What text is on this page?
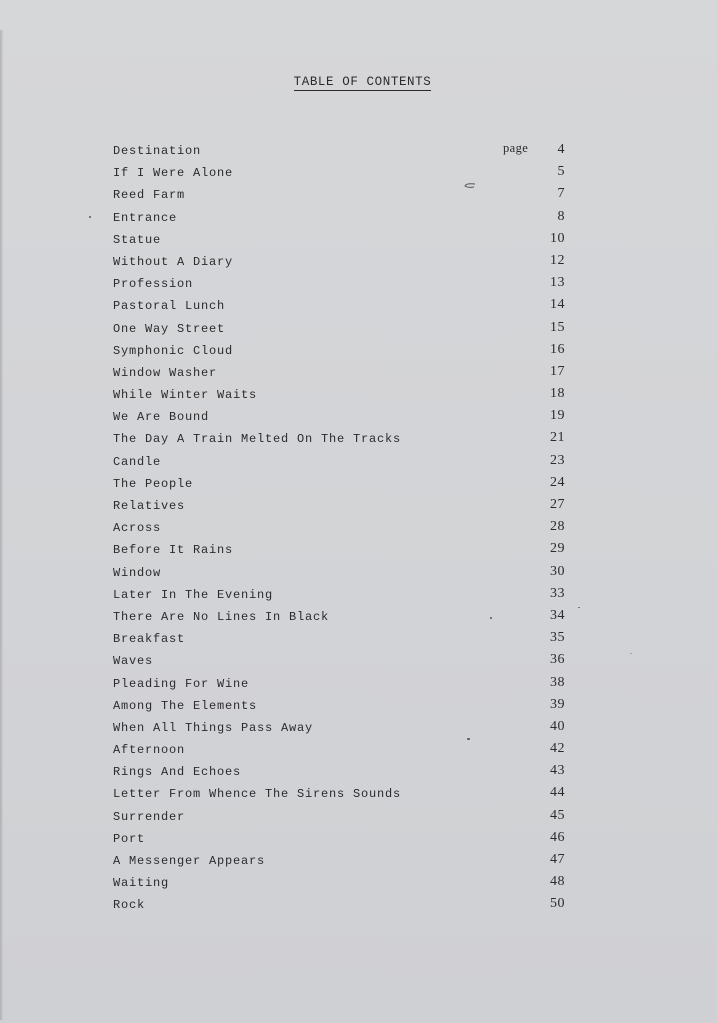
TABLE OF CONTENTS
page
Destination	4
If I Were Alone	5
Reed Farm	7
Entrance	8
Statue	10
Without A Diary	12
Profession	13
Pastoral Lunch	14
One Way Street	15
Symphonic Cloud	16
Window Washer	17
While Winter Waits	18
We Are Bound	19
The Day A Train Melted On The Tracks	21
Candle	23
The People	24
Relatives	27
Across	28
Before It Rains	29
Window	30
Later In The Evening	33
There Are No Lines In Black	34
Breakfast	35
Waves	36
Pleading For Wine	38
Among The Elements	39
When All Things Pass Away	40
Afternoon	42
Rings And Echoes	43
Letter From Whence The Sirens Sounds	44
Surrender	45
Port	46
A Messenger Appears	47
Waiting	48
Rock	50
